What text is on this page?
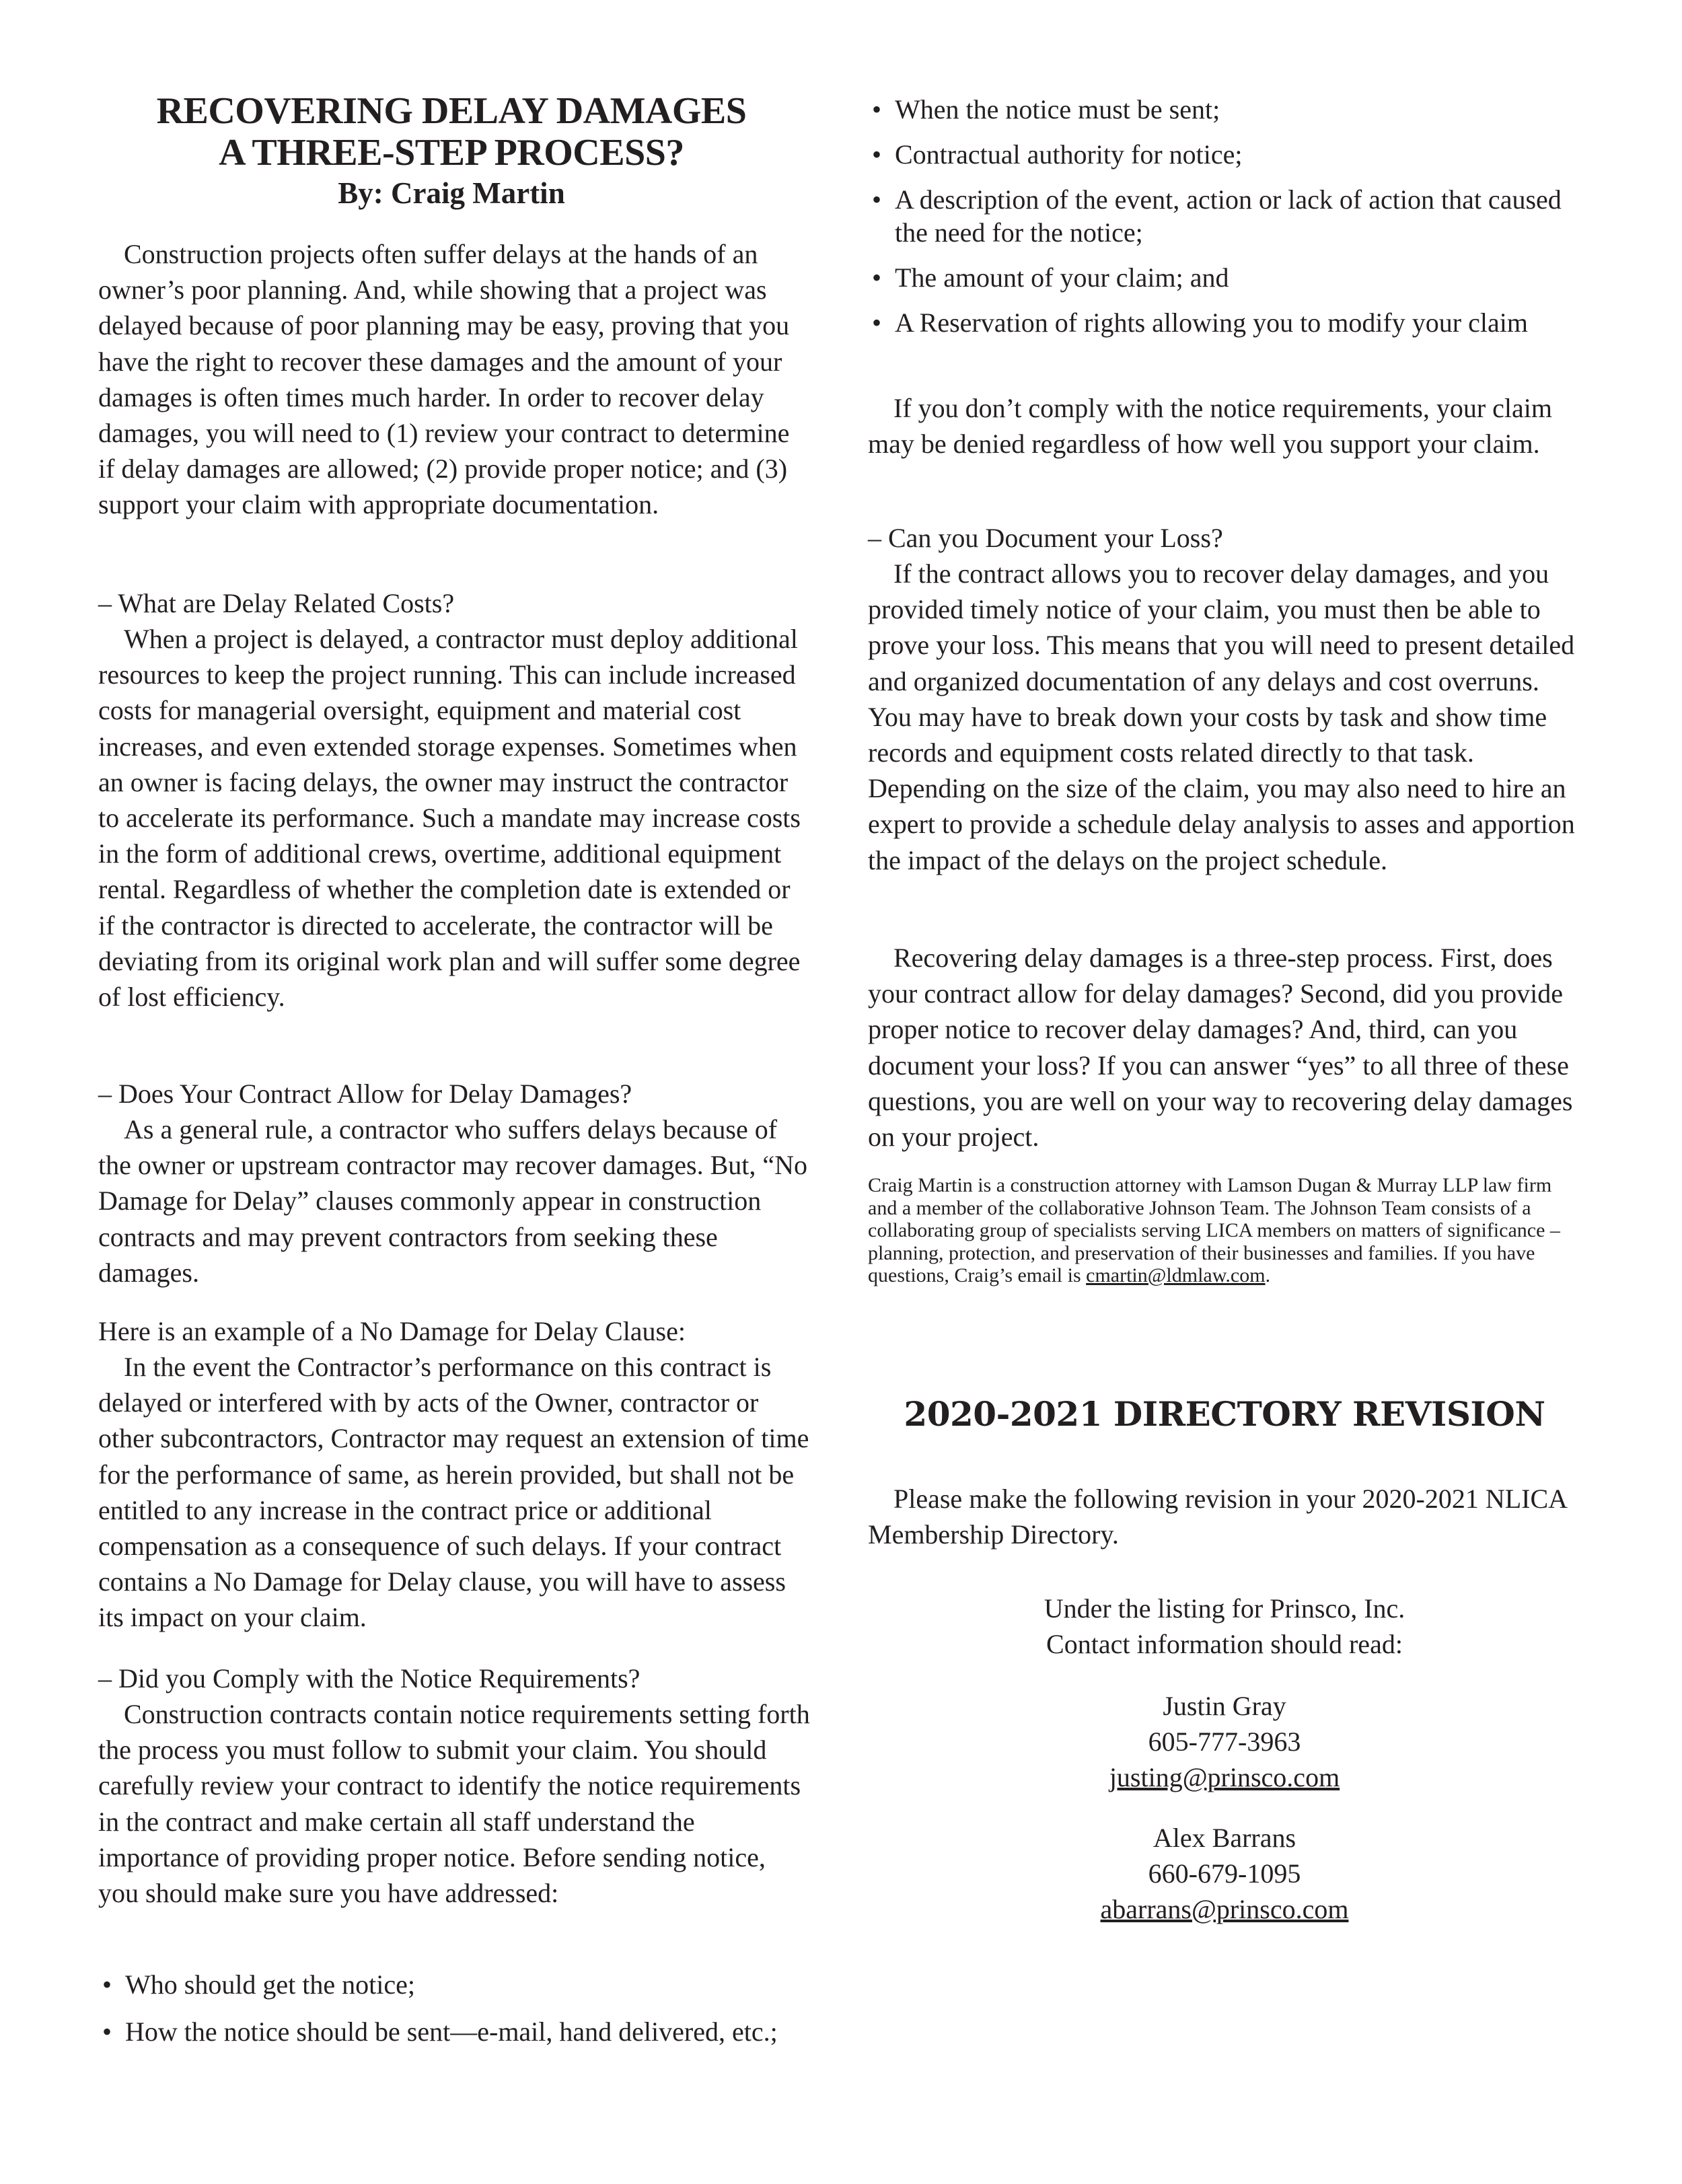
RECOVERING DELAY DAMAGES
A THREE-STEP PROCESS?

By: Craig Martin

Construction projects often suffer delays at the hands of an owner’s poor planning. And, while showing that a project was delayed because of poor planning may be easy, proving that you have the right to recover these damages and the amount of your damages is often times much harder. In order to recover delay damages, you will need to (1) review your contract to determine if delay damages are allowed; (2) provide proper notice; and (3) support your claim with appropriate documentation.

– What are Delay Related Costs?

When a project is delayed, a contractor must deploy additional resources to keep the project running. This can include increased costs for managerial oversight, equipment and material cost increases, and even extended storage expenses. Sometimes when an owner is facing delays, the owner may instruct the contractor to accelerate its performance. Such a mandate may increase costs in the form of additional crews, overtime, additional equipment rental. Regardless of whether the completion date is extended or if the contractor is directed to accelerate, the contractor will be deviating from its original work plan and will suffer some degree of lost efficiency.

– Does Your Contract Allow for Delay Damages?

As a general rule, a contractor who suffers delays because of the owner or upstream contractor may recover damages. But, “No Damage for Delay” clauses commonly appear in construction contracts and may prevent contractors from seeking these damages.

Here is an example of a No Damage for Delay Clause:

In the event the Contractor’s performance on this contract is delayed or interfered with by acts of the Owner, contractor or other subcontractors, Contractor may request an extension of time for the performance of same, as herein provided, but shall not be entitled to any increase in the contract price or additional compensation as a consequence of such delays. If your contract contains a No Damage for Delay clause, you will have to assess its impact on your claim.

– Did you Comply with the Notice Requirements?

Construction contracts contain notice requirements setting forth the process you must follow to submit your claim. You should carefully review your contract to identify the notice requirements in the contract and make certain all staff understand the importance of providing proper notice. Before sending notice, you should make sure you have addressed:

• Who should get the notice;
• How the notice should be sent—e-mail, hand delivered, etc.;
• When the notice must be sent;
• Contractual authority for notice;
• A description of the event, action or lack of action that caused the need for the notice;
• The amount of your claim; and
• A Reservation of rights allowing you to modify your claim

If you don’t comply with the notice requirements, your claim may be denied regardless of how well you support your claim.

– Can you Document your Loss?

If the contract allows you to recover delay damages, and you provided timely notice of your claim, you must then be able to prove your loss. This means that you will need to present detailed and organized documentation of any delays and cost overruns. You may have to break down your costs by task and show time records and equipment costs related directly to that task. Depending on the size of the claim, you may also need to hire an expert to provide a schedule delay analysis to asses and apportion the impact of the delays on the project schedule.

Recovering delay damages is a three-step process. First, does your contract allow for delay damages? Second, did you provide proper notice to recover delay damages? And, third, can you document your loss? If you can answer “yes” to all three of these questions, you are well on your way to recovering delay damages on your project.

Craig Martin is a construction attorney with Lamson Dugan & Murray LLP law firm and a member of the collaborative Johnson Team. The Johnson Team consists of a collaborating group of specialists serving LICA members on matters of significance – planning, protection, and preservation of their businesses and families. If you have questions, Craig’s email is cmartin@ldmlaw.com.

2020-2021 DIRECTORY REVISION

Please make the following revision in your 2020-2021 NLICA Membership Directory.

Under the listing for Prinsco, Inc.
Contact information should read:

Justin Gray
605-777-3963
justing@prinsco.com
Alex Barrans
660-679-1095
abarrans@prinsco.com
